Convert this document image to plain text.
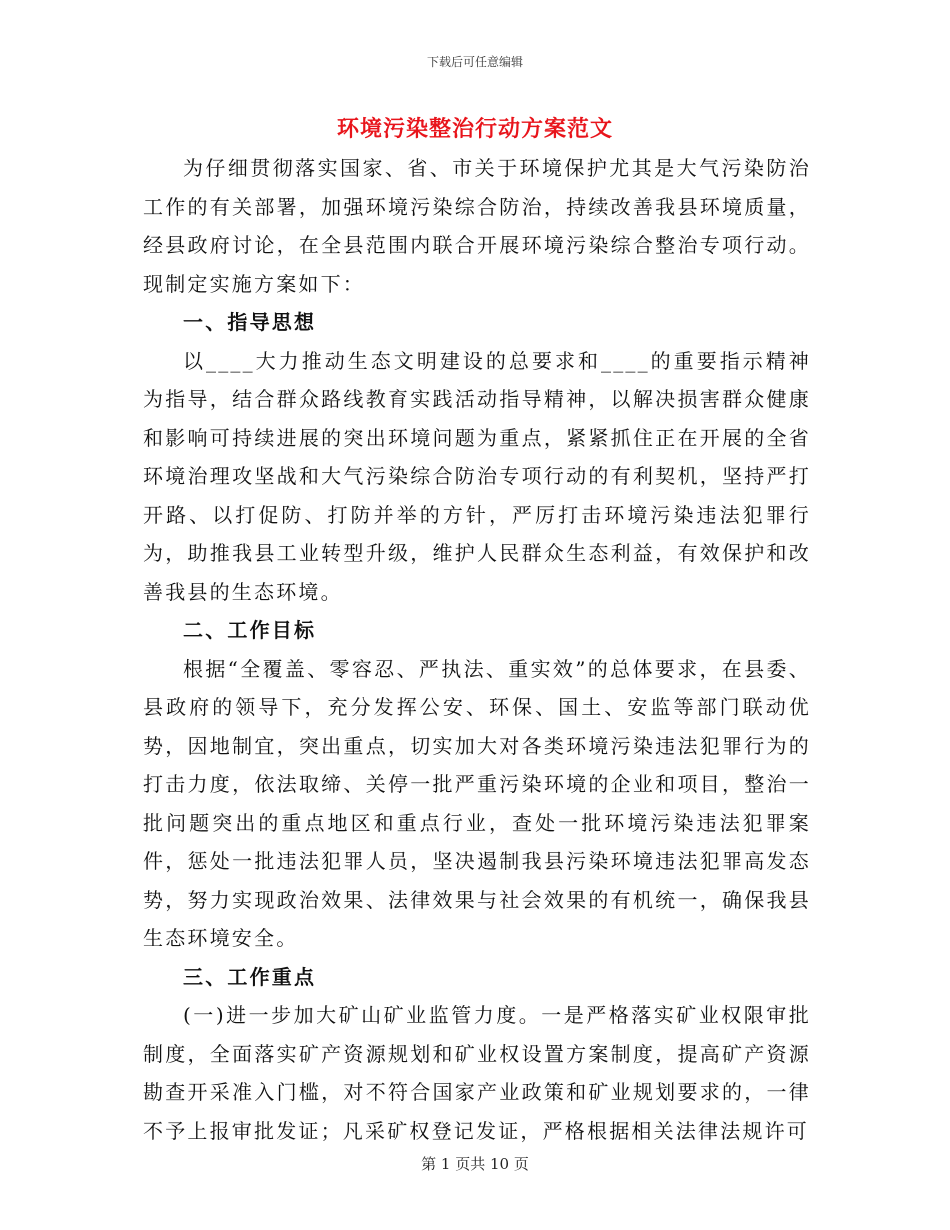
下载后可任意编辑
环境污染整治行动方案范文

为仔细贯彻落实国家、省、市关于环境保护尤其是大气污染防治工作的有关部署，加强环境污染综合防治，持续改善我县环境质量，经县政府讨论，在全县范围内联合开展环境污染综合整治专项行动。现制定实施方案如下：

一、指导思想

以____大力推动生态文明建设的总要求和____的重要指示精神为指导，结合群众路线教育实践活动指导精神，以解决损害群众健康和影响可持续进展的突出环境问题为重点，紧紧抓住正在开展的全省环境治理攻坚战和大气污染综合防治专项行动的有利契机，坚持严打开路、以打促防、打防并举的方针，严厉打击环境污染违法犯罪行为，助推我县工业转型升级，维护人民群众生态利益，有效保护和改善我县的生态环境。

二、工作目标

根据“全覆盖、零容忍、严执法、重实效”的总体要求，在县委、县政府的领导下，充分发挥公安、环保、国土、安监等部门联动优势，因地制宜，突出重点，切实加大对各类环境污染违法犯罪行为的打击力度，依法取缔、关停一批严重污染环境的企业和项目，整治一批问题突出的重点地区和重点行业，查处一批环境污染违法犯罪案件，惩处一批违法犯罪人员，坚决遏制我县污染环境违法犯罪高发态势，努力实现政治效果、法律效果与社会效果的有机统一，确保我县生态环境安全。

三、工作重点

(一)进一步加大矿山矿业监管力度。一是严格落实矿业权限审批制度，全面落实矿产资源规划和矿业权设置方案制度，提高矿产资源勘查开采准入门槛，对不符合国家产业政策和矿业规划要求的，一律不予上报审批发证；凡采矿权登记发证，严格根据相关法律法规许可

第 1 页共 10 页
